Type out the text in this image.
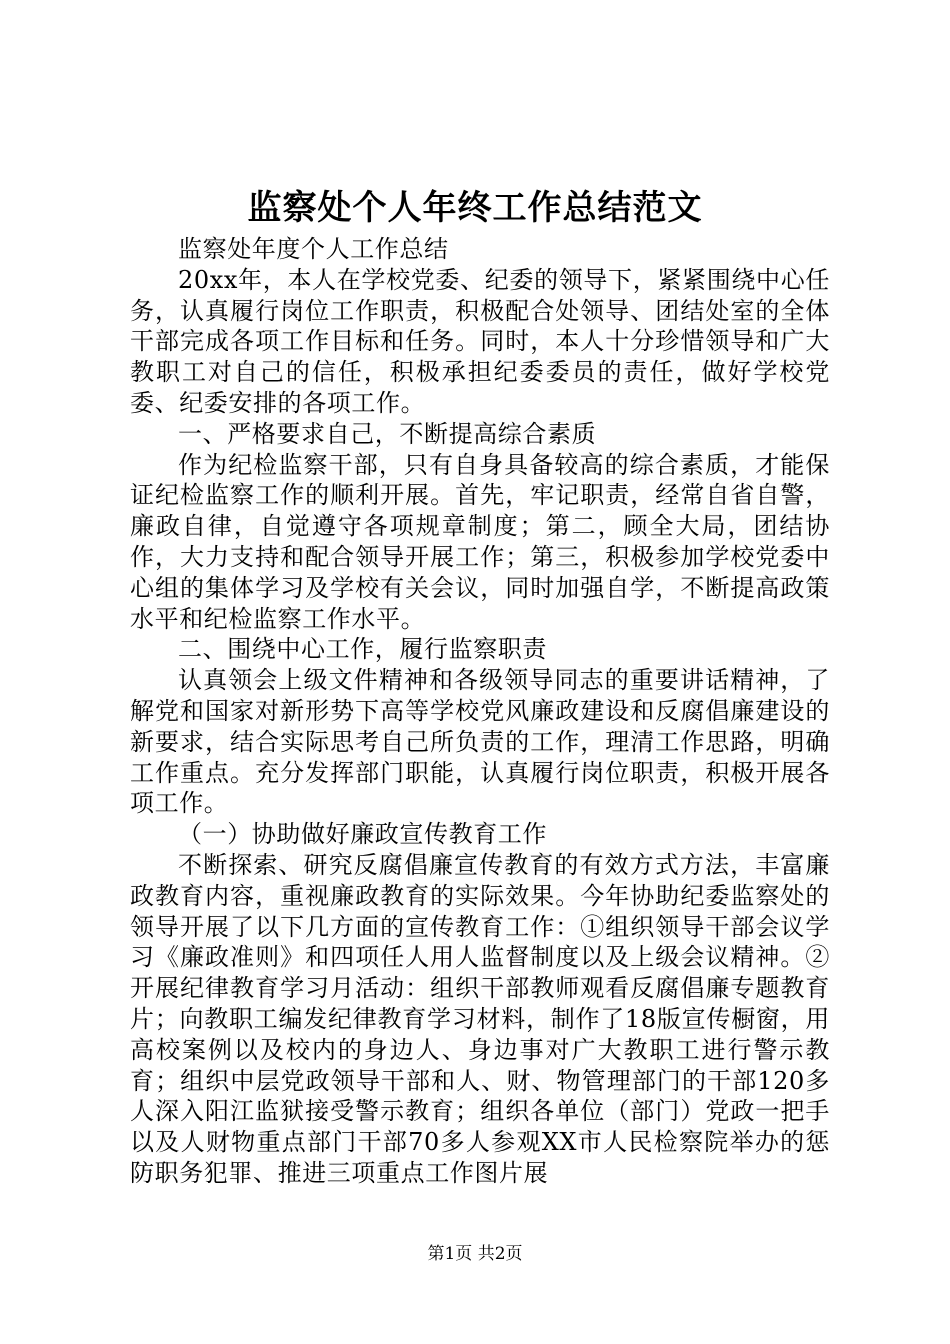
监察处个人年终工作总结范文

监察处年度个人工作总结

20xx年，本人在学校党委、纪委的领导下，紧紧围绕中心任务，认真履行岗位工作职责，积极配合处领导、团结处室的全体干部完成各项工作目标和任务。同时，本人十分珍惜领导和广大教职工对自己的信任，积极承担纪委委员的责任，做好学校党委、纪委安排的各项工作。

一、严格要求自己，不断提高综合素质

作为纪检监察干部，只有自身具备较高的综合素质，才能保证纪检监察工作的顺利开展。首先，牢记职责，经常自省自警，廉政自律，自觉遵守各项规章制度；第二，顾全大局，团结协作，大力支持和配合领导开展工作；第三，积极参加学校党委中心组的集体学习及学校有关会议，同时加强自学，不断提高政策水平和纪检监察工作水平。

二、围绕中心工作，履行监察职责

认真领会上级文件精神和各级领导同志的重要讲话精神，了解党和国家对新形势下高等学校党风廉政建设和反腐倡廉建设的新要求，结合实际思考自己所负责的工作，理清工作思路，明确工作重点。充分发挥部门职能，认真履行岗位职责，积极开展各项工作。

（一）协助做好廉政宣传教育工作

不断探索、研究反腐倡廉宣传教育的有效方式方法，丰富廉政教育内容，重视廉政教育的实际效果。今年协助纪委监察处的领导开展了以下几方面的宣传教育工作：①组织领导干部会议学习《廉政准则》和四项任人用人监督制度以及上级会议精神。②开展纪律教育学习月活动：组织干部教师观看反腐倡廉专题教育片；向教职工编发纪律教育学习材料，制作了18版宣传橱窗，用高校案例以及校内的身边人、身边事对广大教职工进行警示教育；组织中层党政领导干部和人、财、物管理部门的干部120多人深入阳江监狱接受警示教育；组织各单位（部门）党政一把手以及人财物重点部门干部70多人参观XX市人民检察院举办的惩防职务犯罪、推进三项重点工作图片展

第1页 共2页
